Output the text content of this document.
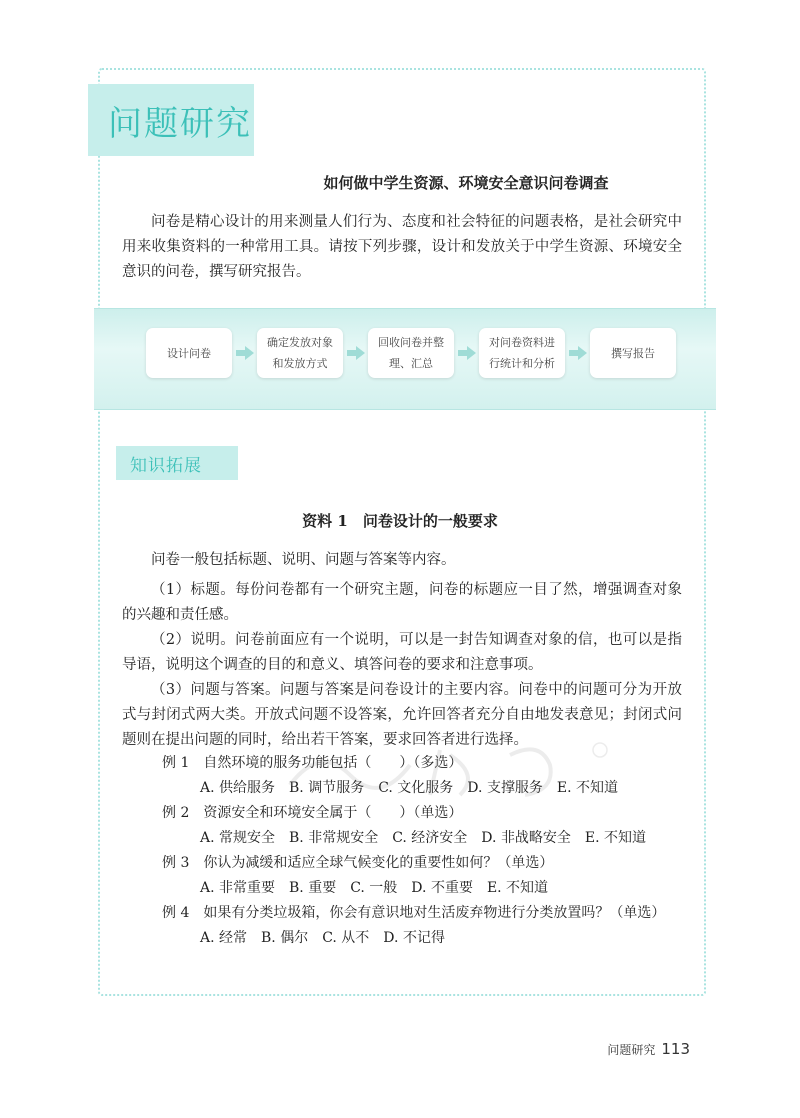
问题研究
如何做中学生资源、环境安全意识问卷调查
问卷是精心设计的用来测量人们行为、态度和社会特征的问题表格，是社会研究中用来收集资料的一种常用工具。请按下列步骤，设计和发放关于中学生资源、环境安全意识的问卷，撰写研究报告。
设计问卷
确定发放对象和发放方式
回收问卷并整理、汇总
对问卷资料进行统计和分析
撰写报告
知识拓展
资料 1　问卷设计的一般要求
问卷一般包括标题、说明、问题与答案等内容。
（1）标题。每份问卷都有一个研究主题，问卷的标题应一目了然，增强调查对象的兴趣和责任感。
（2）说明。问卷前面应有一个说明，可以是一封告知调查对象的信，也可以是指导语，说明这个调查的目的和意义、填答问卷的要求和注意事项。
（3）问题与答案。问题与答案是问卷设计的主要内容。问卷中的问题可分为开放式与封闭式两大类。开放式问题不设答案，允许回答者充分自由地发表意见；封闭式问题则在提出问题的同时，给出若干答案，要求回答者进行选择。
例 1　自然环境的服务功能包括（　　）（多选）
A. 供给服务　B. 调节服务　C. 文化服务　D. 支撑服务　E. 不知道
例 2　资源安全和环境安全属于（　　）（单选）
A. 常规安全　B. 非常规安全　C. 经济安全　D. 非战略安全　E. 不知道
例 3　你认为减缓和适应全球气候变化的重要性如何？（单选）
A. 非常重要　B. 重要　C. 一般　D. 不重要　E. 不知道
例 4　如果有分类垃圾箱，你会有意识地对生活废弃物进行分类放置吗？（单选）
A. 经常　B. 偶尔　C. 从不　D. 不记得
问题研究 113
